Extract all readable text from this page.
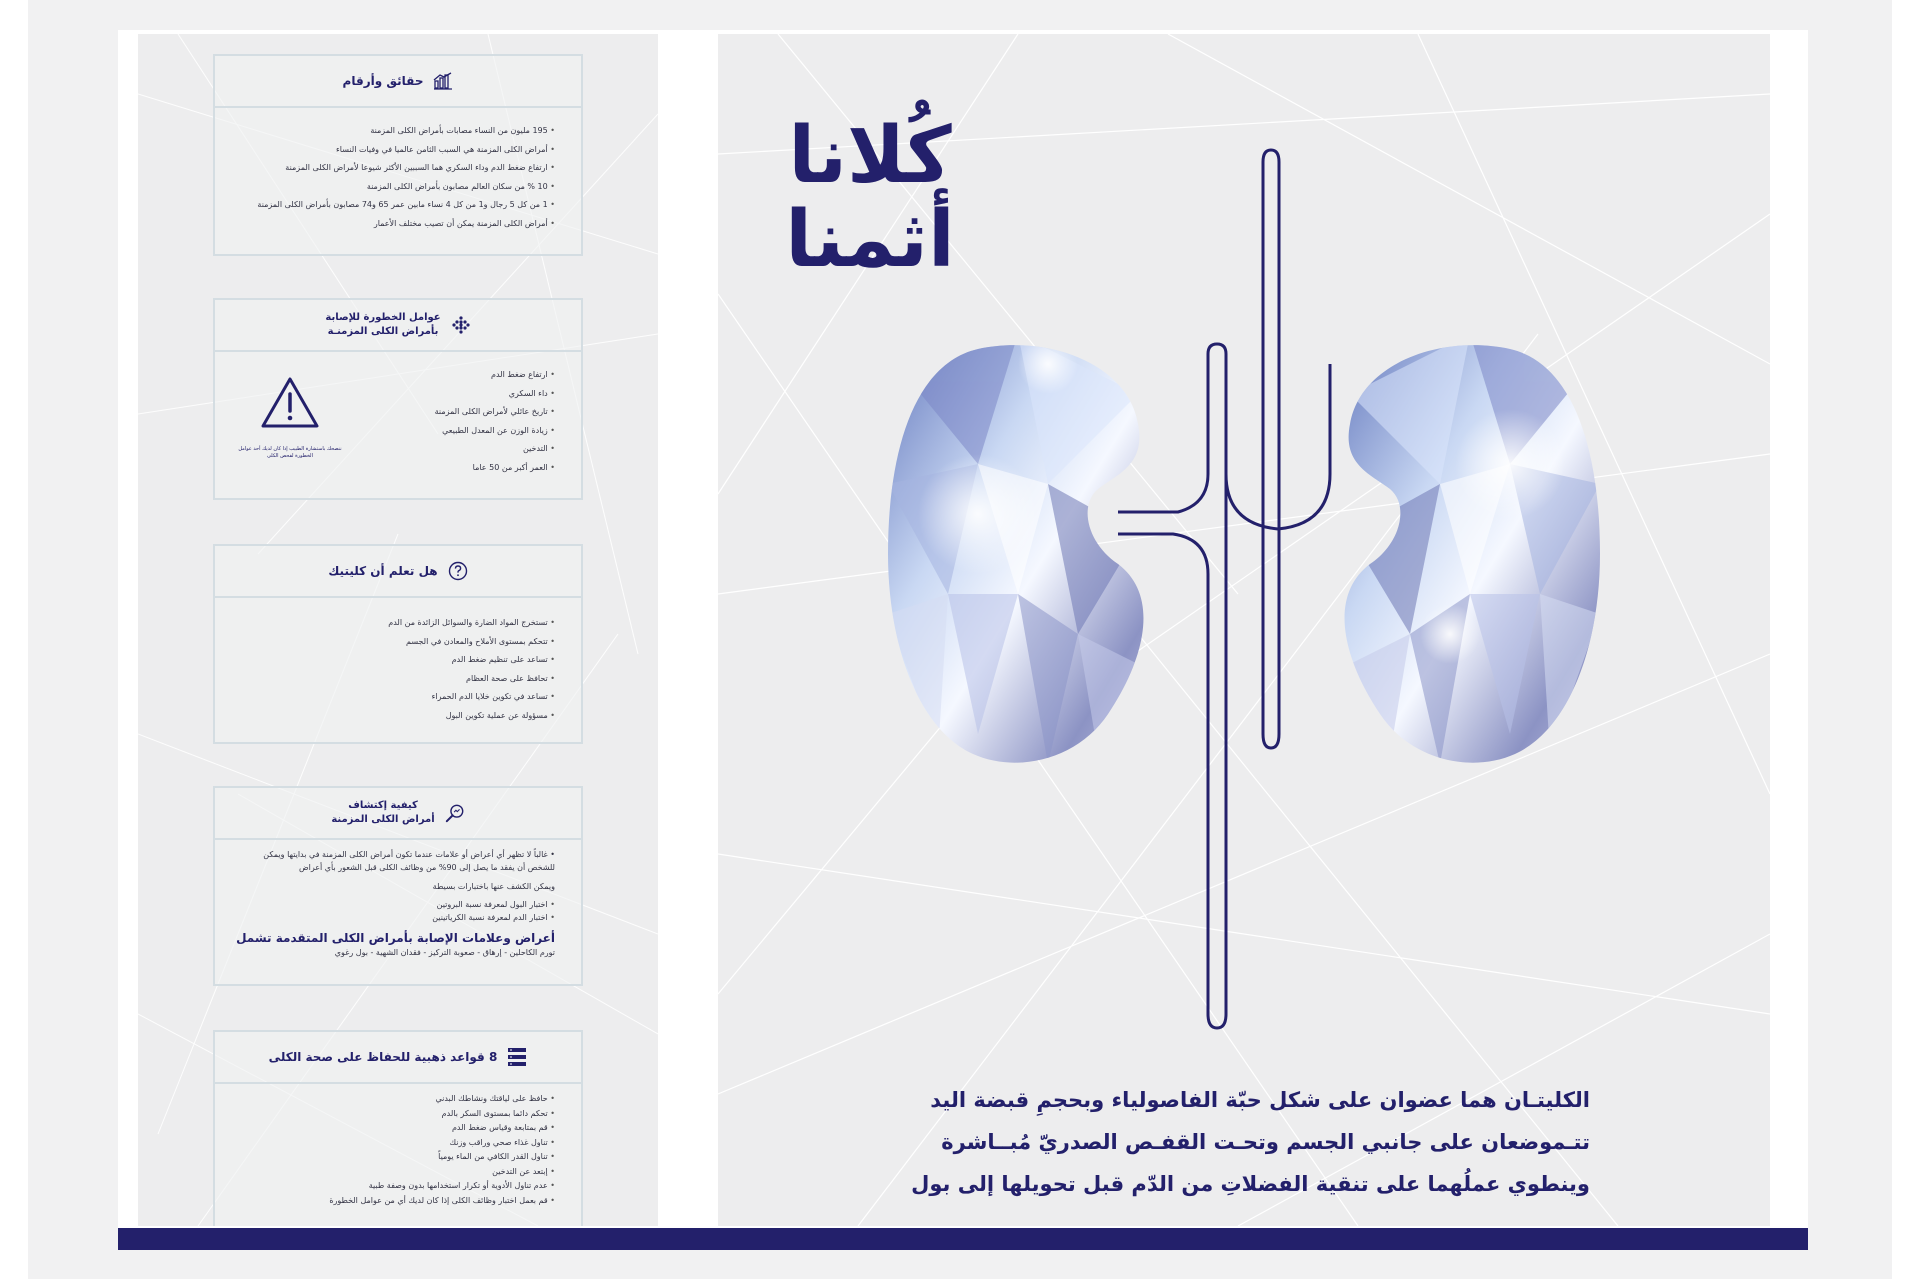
حقائق وأرقام
• 195 مليون من النساء مصابات بأمراض الكلى المزمنة
• أمراض الكلى المزمنة هي السبب الثامن عالميا في وفيات النساء
• ارتفاع ضغط الدم وداء السكري هما السببين الأكثر شيوعا لأمراض الكلى المزمنة
• 10 % من سكان العالم مصابون بأمراض الكلى المزمنة
• 1 من كل 5 رجال و1 من كل 4 نساء مابين عمر 65 و74 مصابون بأمراض الكلى المزمنة
• أمراض الكلى المزمنة يمكن أن تصيب مختلف الأعمار
عوامل الخطورة للإصابة
بأمراض الكلى المزمنـة
• ارتفاع ضغط الدم
• داء السكري
• تاريخ عائلي لأمراض الكلى المزمنة
• زيادة الوزن عن المعدل الطبيعي
• التدخين
• العمر أكبر من 50 عاما
ننصحك باستشارة الطبيب إذا كان لديك أحد عوامل الخطورة لفحص الكلى
هل تعلم أن كليتيك
• تستخرج المواد الضارة والسوائل الزائدة من الدم
• تتحكم بمستوى الأملاح والمعادن في الجسم
• تساعد على تنظيم ضغط الدم
• تحافظ على صحة العظام
• تساعد في تكوين خلايا الدم الحمراء
• مسؤولة عن عملية تكوين البول
كيفية إكتشاف
أمراض الكلى المزمنة

• غالباً لا تظهر أي أعراض أو علامات عندما تكون أمراض الكلى المزمنة في بدايتها ويمكن للشخص أن يفقد ما يصل إلى 90% من وظائف الكلى قبل الشعور بأي أعراض

ويمكن الكشف عنها باختبارات بسيطة

• اختبار البول لمعرفة نسبة البروتين
• اختبار الدم لمعرفة نسبة الكرياتينين
أعراض وعلامات الإصابة بأمراض الكلى المتقدمة تشمل
تورم الكاحلين - إرهاق - صعوبة التركيز - فقدان الشهية - بول رغوي
8 قواعد ذهبية للحفاظ على صحة الكلى
• حافظ على لياقتك ونشاطك البدني
• تحكم دائما بمستوى السكر بالدم
• قم بمتابعة وقياس ضغط الدم
• تناول غذاء صحي وراقب وزنك
• تناول القدر الكافي من الماء يومياً
• إبتعد عن التدخين
• عدم تناول الأدوية أو تكرار استخدامها بدون وصفة طبية
• قم بعمل اختبار وظائف الكلى إذا كان لديك أي من عوامل الخطورة
كُلانا
أثمنا
الكليتـان هما عضوان على شكل حبّة الفاصولياء وبحجمِ قبضة اليد
تتـموضعان على جانبي الجسم وتحـت القفـص الصدريّ مُبــاشرة
وينطوي عملُهما على تنقية الفضلاتِ من الدّم قبل تحويلها إلى بول
